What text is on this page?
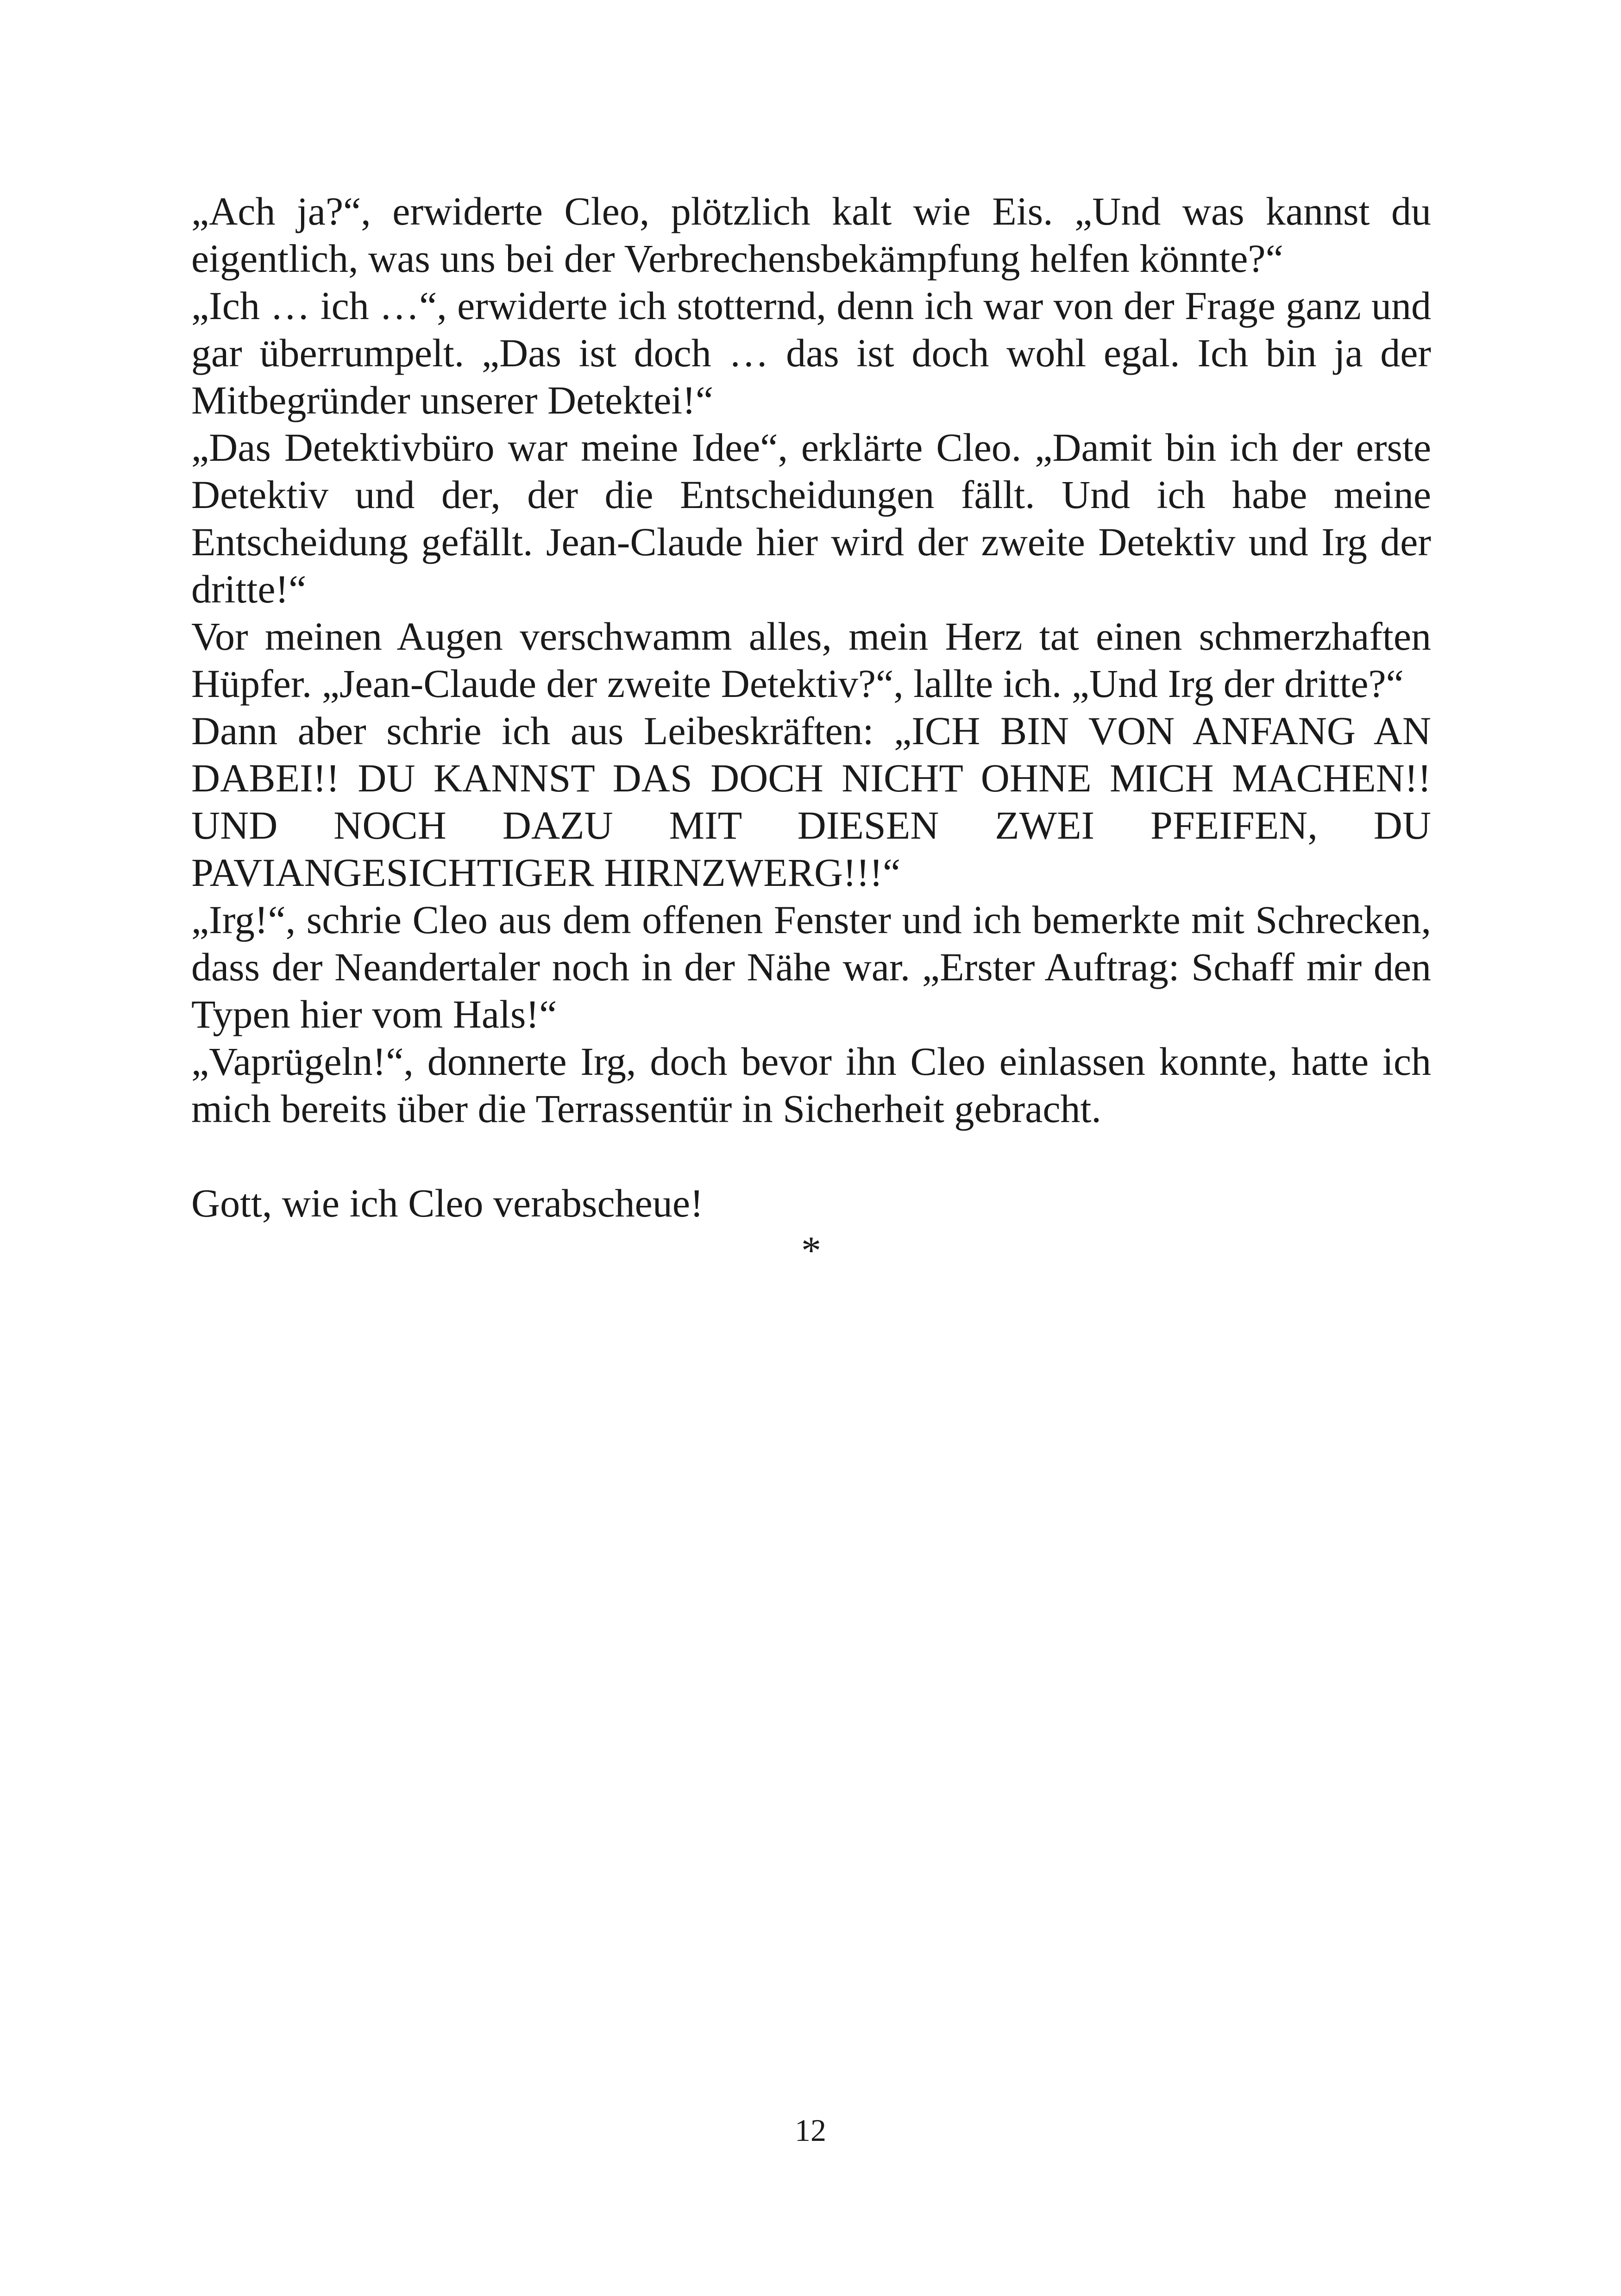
„Ach ja?“, erwiderte Cleo, plötzlich kalt wie Eis. „Und was kannst du eigentlich, was uns bei der Verbrechensbekämpfung helfen könnte?“

„Ich … ich …“, erwiderte ich stotternd, denn ich war von der Frage ganz und gar überrumpelt. „Das ist doch … das ist doch wohl egal. Ich bin ja der Mitbegründer unserer Detektei!“

„Das Detektivbüro war meine Idee“, erklärte Cleo. „Damit bin ich der erste Detektiv und der, der die Entscheidungen fällt. Und ich habe meine Entscheidung gefällt. Jean-Claude hier wird der zweite Detektiv und Irg der dritte!“

Vor meinen Augen verschwamm alles, mein Herz tat einen schmerzhaften Hüpfer. „Jean-Claude der zweite Detektiv?“, lallte ich. „Und Irg der dritte?“

Dann aber schrie ich aus Leibeskräften: „ICH BIN VON ANFANG AN DABEI!! DU KANNST DAS DOCH NICHT OHNE MICH MACHEN!! UND NOCH DAZU MIT DIESEN ZWEI PFEIFEN, DU PAVIANGESICHTIGER HIRNZWERG!!!“

„Irg!“, schrie Cleo aus dem offenen Fenster und ich bemerkte mit Schrecken, dass der Neandertaler noch in der Nähe war. „Erster Auftrag: Schaff mir den Typen hier vom Hals!“

„Vaprügeln!“, donnerte Irg, doch bevor ihn Cleo einlassen konnte, hatte ich mich bereits über die Terrassentür in Sicherheit gebracht.

Gott, wie ich Cleo verabscheue!

*

12
